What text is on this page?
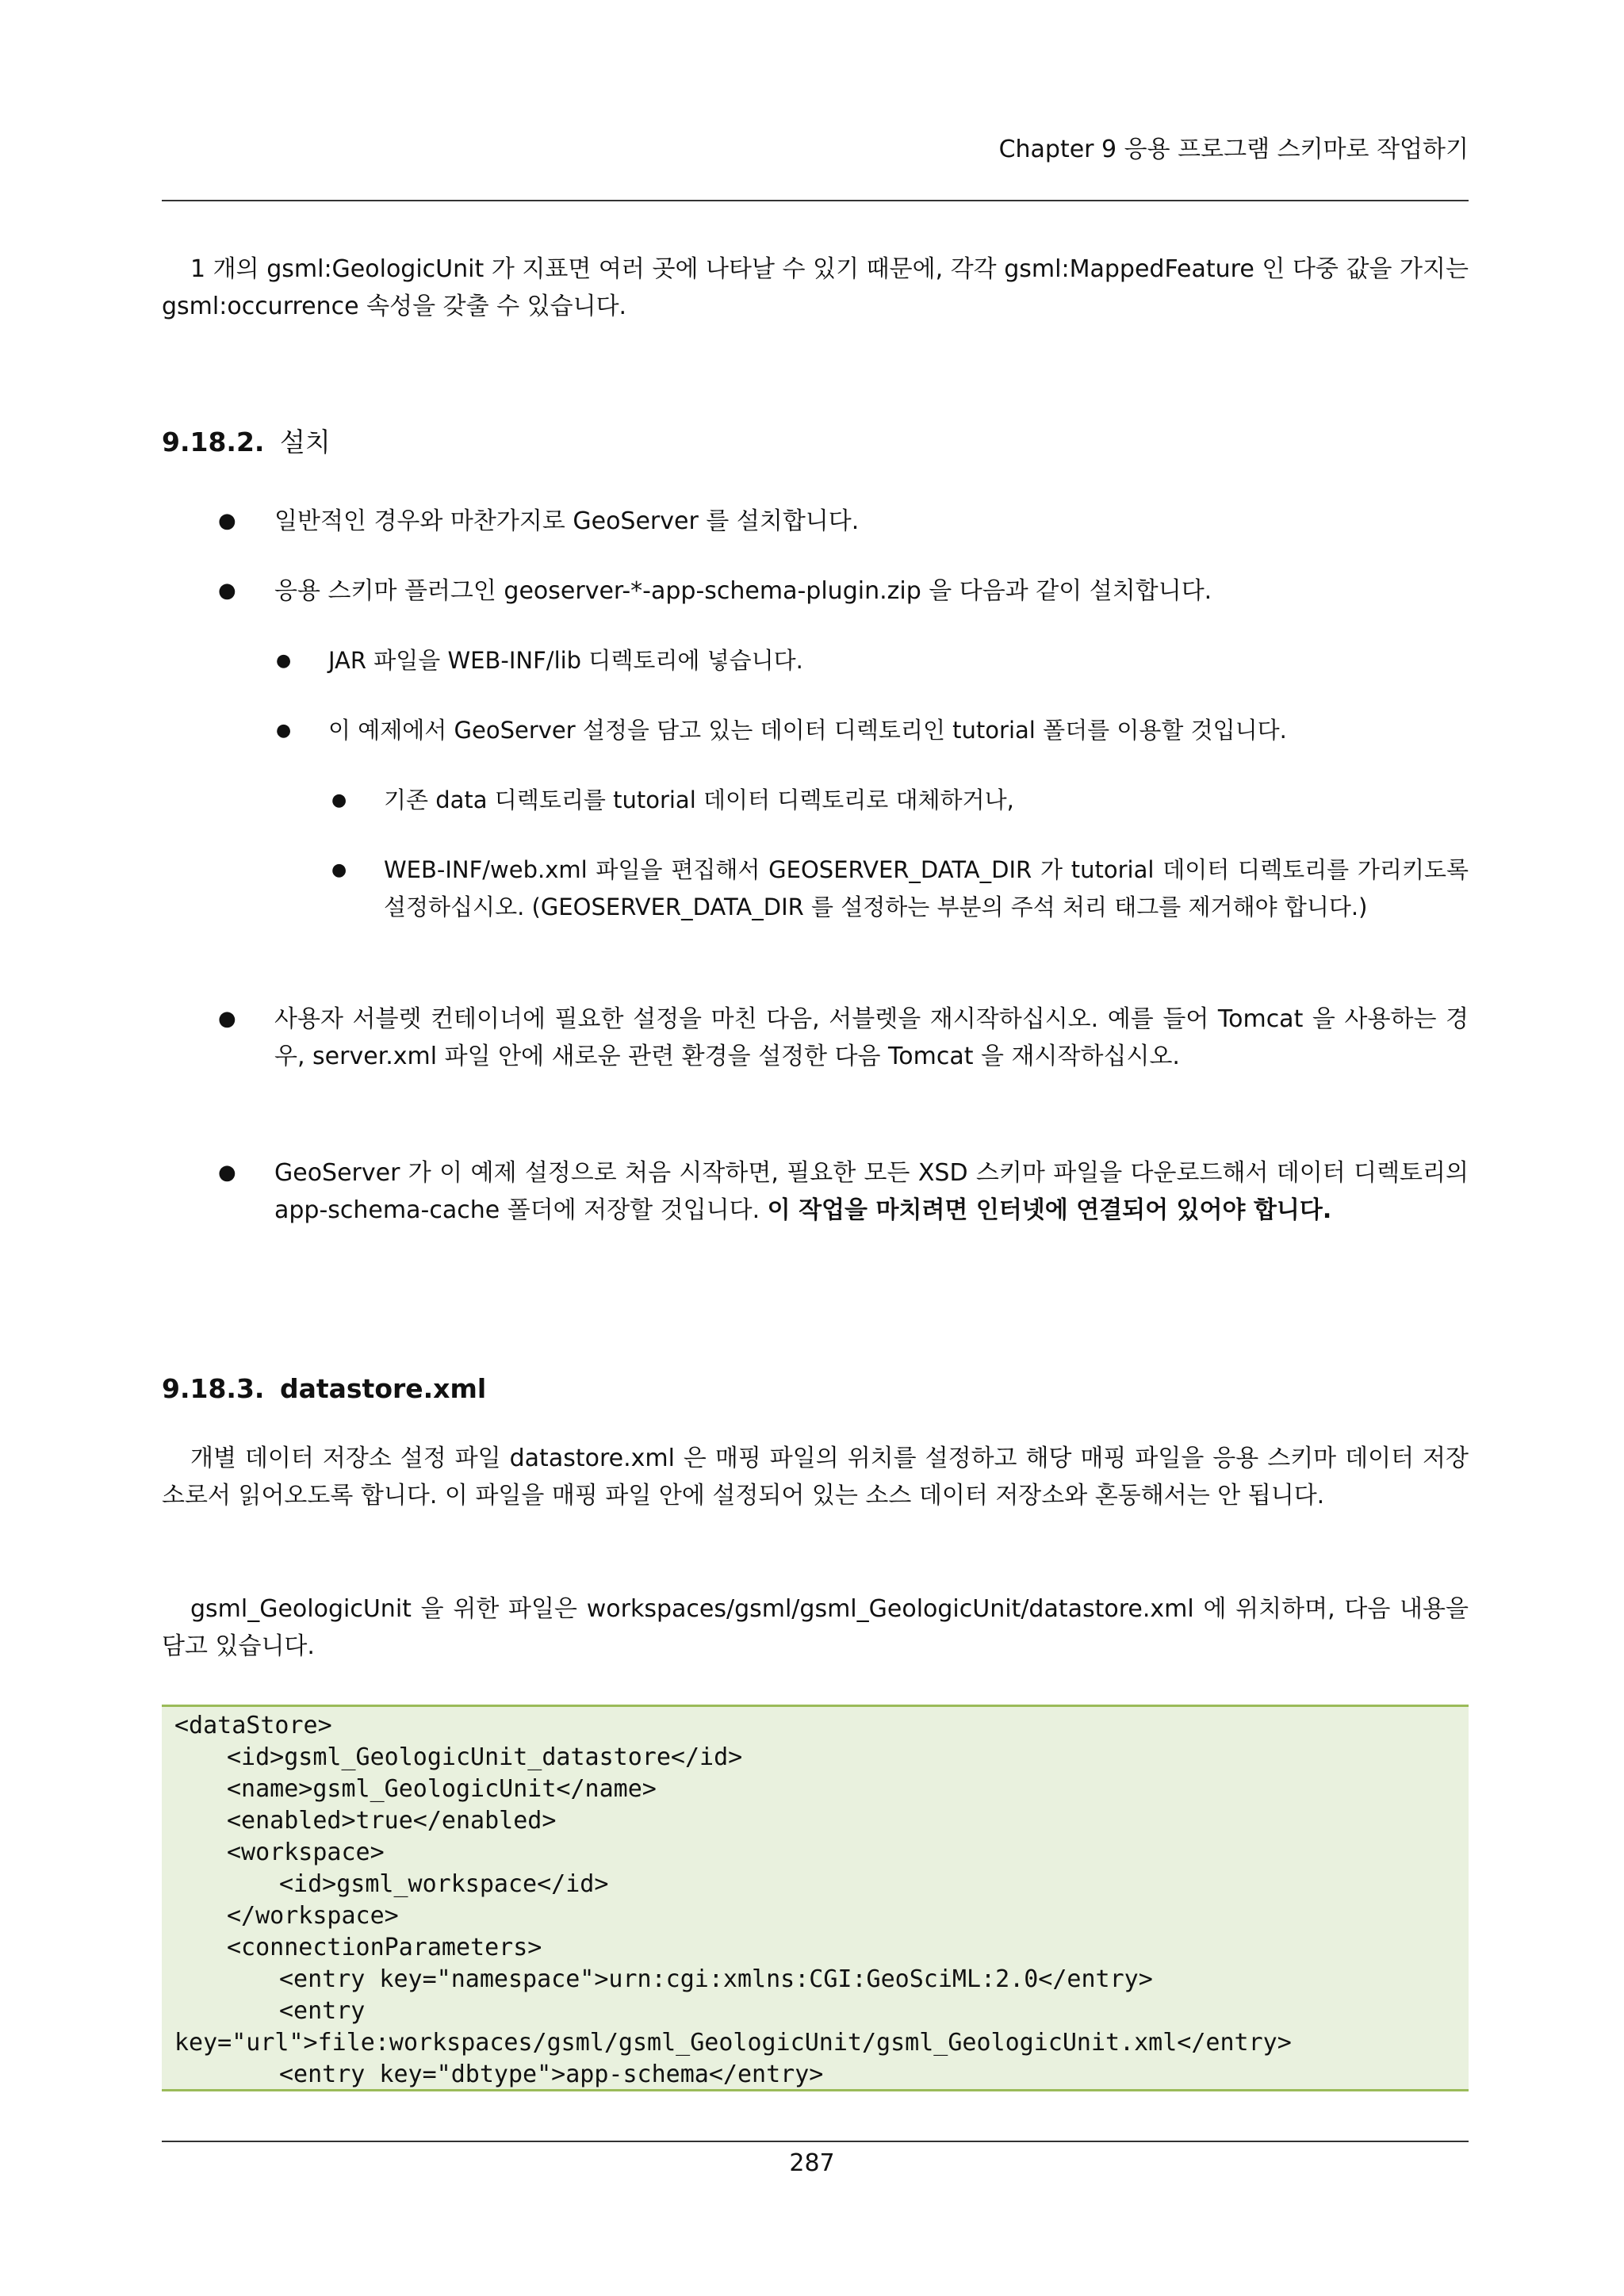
Chapter 9 응용 프로그램 스키마로 작업하기

1 개의 gsml:GeologicUnit 가 지표면 여러 곳에 나타날 수 있기 때문에, 각각 gsml:MappedFeature 인 다중 값을 가지는 gsml:occurrence 속성을 갖출 수 있습니다.

9.18.2. 설치
● 일반적인 경우와 마찬가지로 GeoServer 를 설치합니다.
● 응용 스키마 플러그인 geoserver-*-app-schema-plugin.zip 을 다음과 같이 설치합니다.
● JAR 파일을 WEB-INF/lib 디렉토리에 넣습니다.
● 이 예제에서 GeoServer 설정을 담고 있는 데이터 디렉토리인 tutorial 폴더를 이용할 것입니다.
● 기존 data 디렉토리를 tutorial 데이터 디렉토리로 대체하거나,
● WEB-INF/web.xml 파일을 편집해서 GEOSERVER_DATA_DIR 가 tutorial 데이터 디렉토리를 가리키도록 설정하십시오. (GEOSERVER_DATA_DIR 를 설정하는 부분의 주석 처리 태그를 제거해야 합니다.)
● 사용자 서블렛 컨테이너에 필요한 설정을 마친 다음, 서블렛을 재시작하십시오. 예를 들어 Tomcat 을 사용하는 경우, server.xml 파일 안에 새로운 관련 환경을 설정한 다음 Tomcat 을 재시작하십시오.
● GeoServer 가 이 예제 설정으로 처음 시작하면, 필요한 모든 XSD 스키마 파일을 다운로드해서 데이터 디렉토리의 app-schema-cache 폴더에 저장할 것입니다. 이 작업을 마치려면 인터넷에 연결되어 있어야 합니다.
9.18.3. datastore.xml

개별 데이터 저장소 설정 파일 datastore.xml 은 매핑 파일의 위치를 설정하고 해당 매핑 파일을 응용 스키마 데이터 저장소로서 읽어오도록 합니다. 이 파일을 매핑 파일 안에 설정되어 있는 소스 데이터 저장소와 혼동해서는 안 됩니다.

gsml_GeologicUnit 을 위한 파일은 workspaces/gsml/gsml_GeologicUnit/datastore.xml 에 위치하며, 다음 내용을 담고 있습니다.

<dataStore>
<id>gsml_GeologicUnit_datastore</id>
<name>gsml_GeologicUnit</name>
<enabled>true</enabled>
<workspace>
<id>gsml_workspace</id>
</workspace>
<connectionParameters>
<entry key="namespace">urn:cgi:xmlns:CGI:GeoSciML:2.0</entry>
<entry
key="url">file:workspaces/gsml/gsml_GeologicUnit/gsml_GeologicUnit.xml</entry>
<entry key="dbtype">app-schema</entry>
287
